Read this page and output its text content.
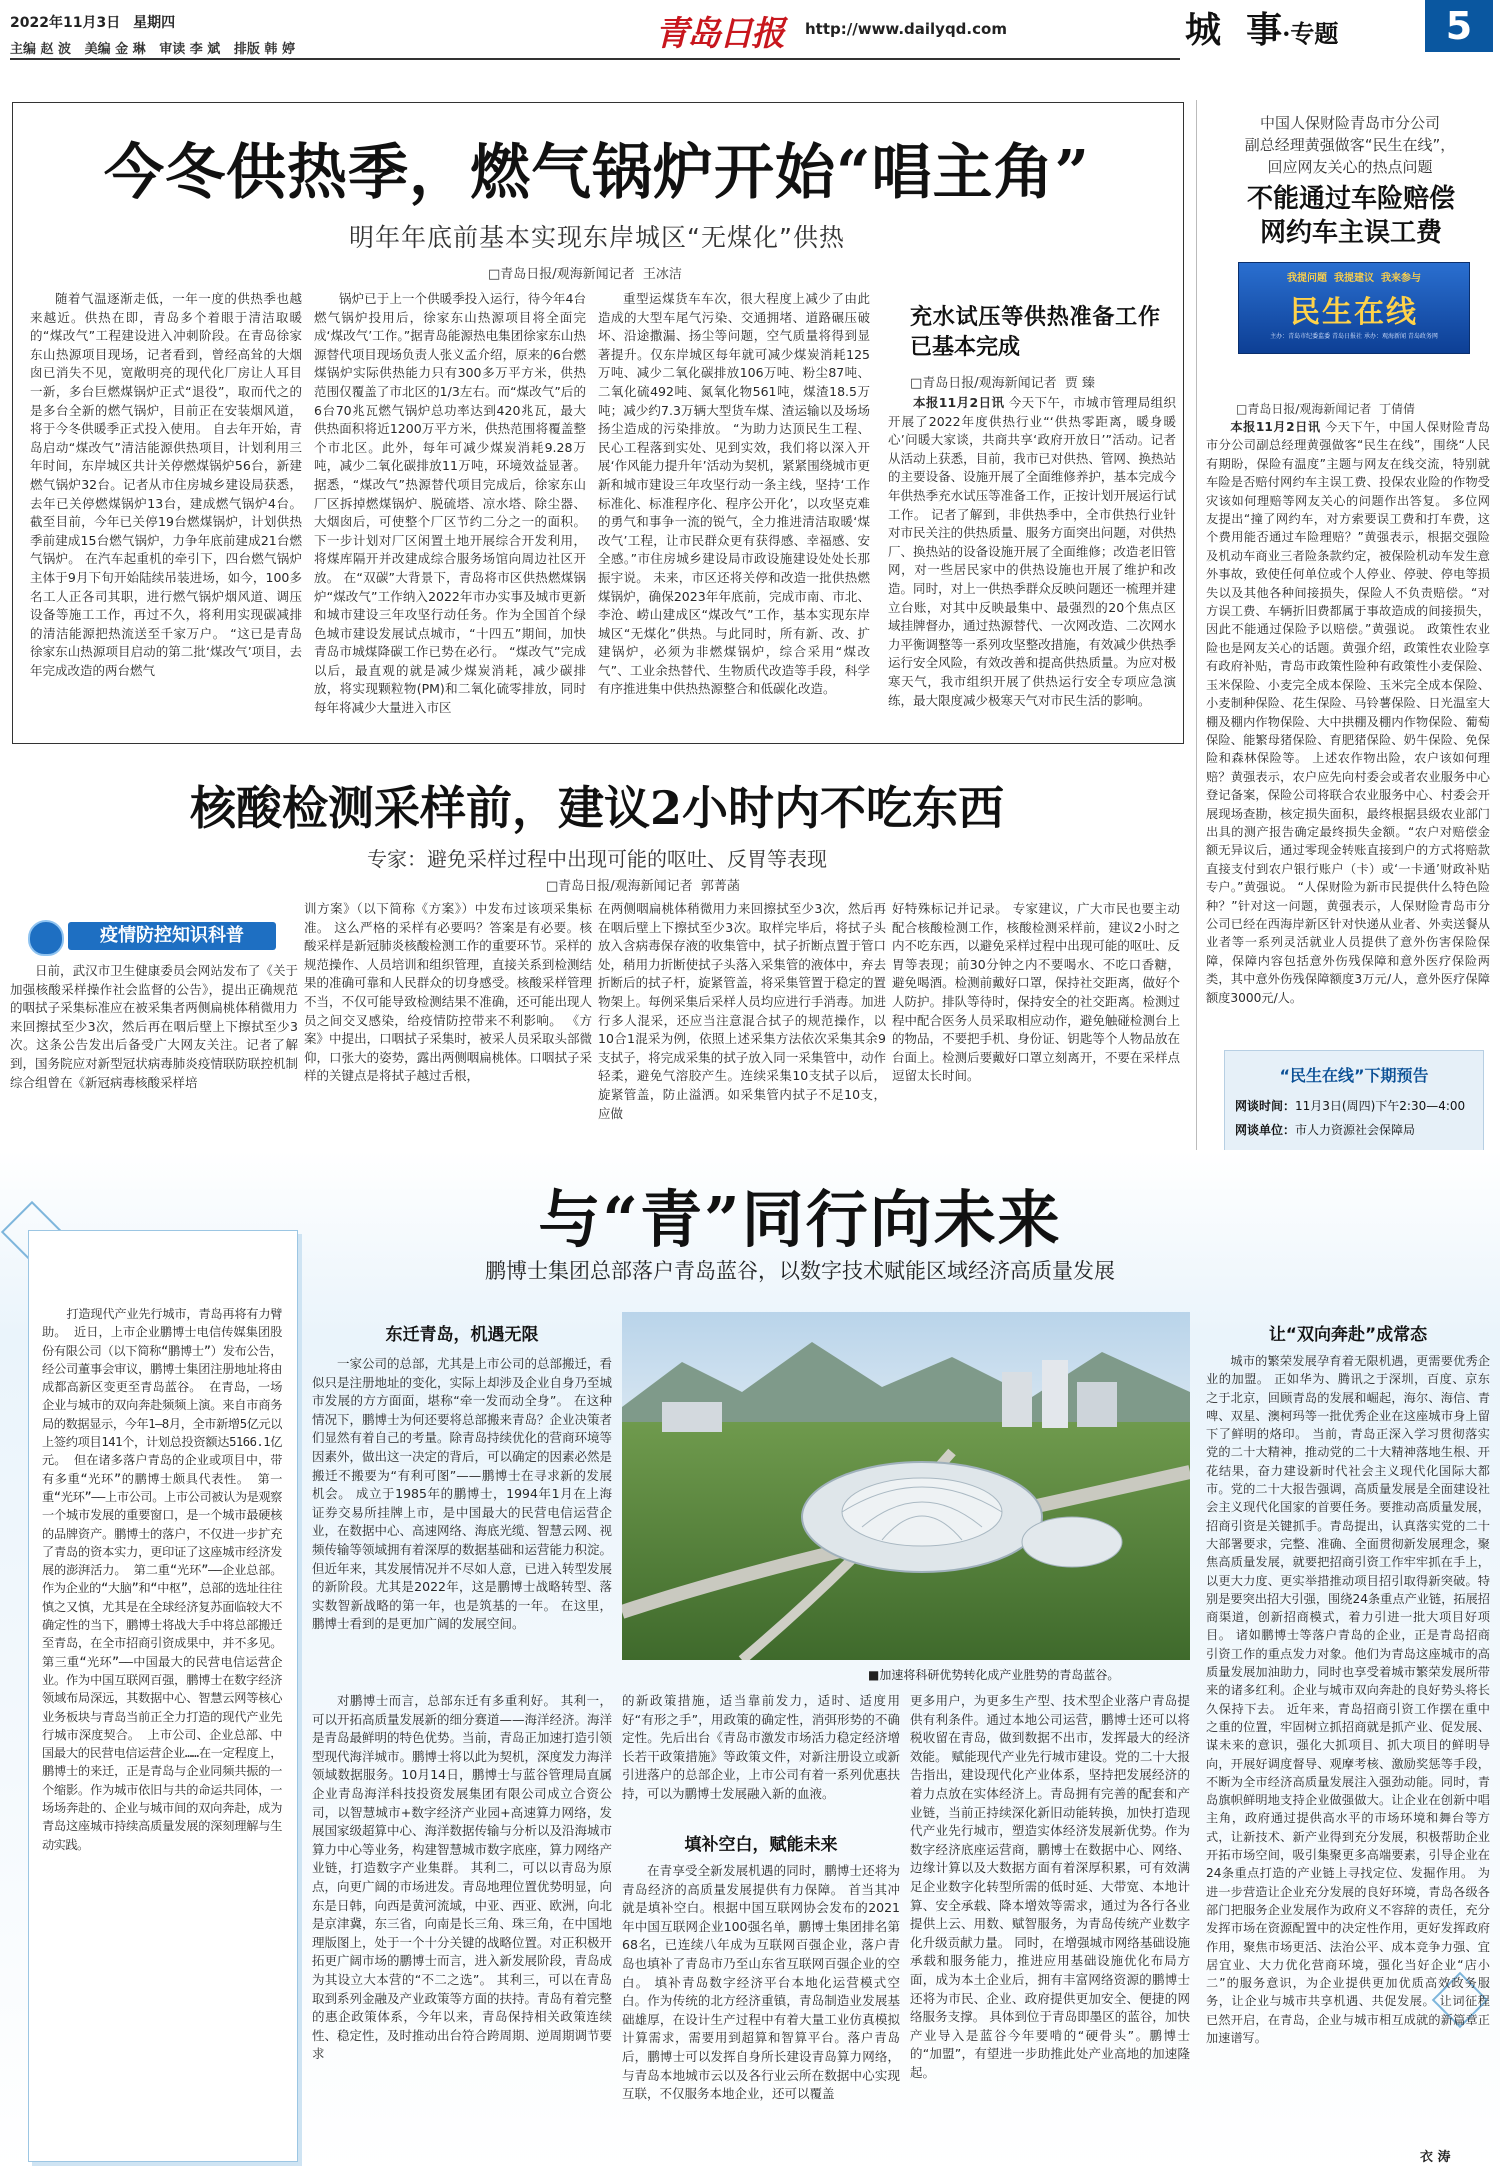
2022年11月3日 星期四
主编 赵 波   美编 金 琳   审读 李 斌   排版 韩 婷	青岛日报 http://www.dailyqd.com	城  事·专题	5
今冬供热季，燃气锅炉开始“唱主角”
明年年底前基本实现东岸城区“无煤化”供热
□青岛日报/观海新闻记者  王冰洁

随着气温逐渐走低，一年一度的供热季也越来越近。供热在即，青岛多个着眼于清洁取暖的“煤改气”工程建设进入冲刺阶段。在青岛徐家东山热源项目现场，记者看到，曾经高耸的大烟囱已消失不见，宽敞明亮的现代化厂房让人耳目一新，多台巨燃煤锅炉正式“退役”，取而代之的是多台全新的燃气锅炉，目前正在安装烟风道，将于今冬供暖季正式投入使用。 自去年开始，青岛启动“煤改气”清洁能源供热项目，计划利用三年时间，东岸城区共计关停燃煤锅炉56台，新建燃气锅炉32台。记者从市住房城乡建设局获悉，去年已关停燃煤锅炉13台，建成燃气锅炉4台。截至目前，今年已关停19台燃煤锅炉，计划供热季前建成15台燃气锅炉，力争年底前建成21台燃气锅炉。 在汽车起重机的牵引下，四台燃气锅炉主体于9月下旬开始陆续吊装进场，如今，100多名工人正各司其职，进行燃气锅炉烟风道、调压设备等施工工作，再过不久，将利用实现碳减排的清洁能源把热流送至千家万户。 “这已是青岛徐家东山热源项目启动的第二批‘煤改气’项目，去年完成改造的两台燃气

锅炉已于上一个供暖季投入运行，待今年4台燃气锅炉投用后，徐家东山热源项目将全面完成‘煤改气’工作。”据青岛能源热电集团徐家东山热源替代项目现场负责人张义孟介绍，原来的6台燃煤锅炉实际供热能力只有300多万平方米，供热范围仅覆盖了市北区的1/3左右。而“煤改气”后的6台70兆瓦燃气锅炉总功率达到420兆瓦，最大供热面积将近1200万平方米，供热范围将覆盖整个市北区。此外，每年可减少煤炭消耗9.28万吨，减少二氧化碳排放11万吨，环境效益显著。 据悉，“煤改气”热源替代项目完成后，徐家东山厂区拆掉燃煤锅炉、脱硫塔、凉水塔、除尘器、大烟囱后，可使整个厂区节约二分之一的面积。下一步计划对厂区闲置土地开展综合开发利用，将煤库隔开并改建成综合服务场馆向周边社区开放。 在“双碳”大背景下，青岛将市区供热燃煤锅炉“煤改气”工作纳入2022年市办实事及城市更新和城市建设三年攻坚行动任务。作为全国首个绿色城市建设发展试点城市，“十四五”期间，加快青岛市城煤降碳工作已势在必行。 “煤改气”完成以后，最直观的就是减少煤炭消耗，减少碳排放，将实现颗粒物(PM)和二氧化硫零排放，同时每年将减少大量进入市区

重型运煤货车车次，很大程度上减少了由此造成的大型车尾气污染、交通拥堵、道路碾压破坏、沿途撒漏、扬尘等问题，空气质量将得到显著提升。仅东岸城区每年就可减少煤炭消耗125万吨、减少二氧化碳排放106万吨、粉尘87吨、二氧化硫492吨、氮氧化物561吨，煤渣18.5万吨；减少约7.3万辆大型货车煤、渣运输以及场场扬尘造成的污染排放。 “为助力达顶民生工程、民心工程落到实处、见到实效，我们将以深入开展‘作风能力提升年’活动为契机，紧紧围绕城市更新和城市建设三年攻坚行动一条主线，坚持‘工作标准化、标准程序化、程序公开化’，以攻坚克难的勇气和事争一流的锐气，全力推进清洁取暖‘煤改气’工程，让市民群众更有获得感、幸福感、安全感。”市住房城乡建设局市政设施建设处处长那振宇说。 未来，市区还将关停和改造一批供热燃煤锅炉，确保2023年年底前，完成市南、市北、李沧、崂山建成区“煤改气”工作，基本实现东岸城区“无煤化”供热。与此同时，所有新、改、扩建锅炉，必须为非燃煤锅炉，综合采用“煤改气”、工业余热替代、生物质代改造等手段，科学有序推进集中供热热源整合和低碳化改造。

充水试压等供热准备工作已基本完成
□青岛日报/观海新闻记者  贾 臻

本报11月2日讯 今天下午，市城市管理局组织开展了2022年度供热行业“‘供热零距离，暖身暖心’问暖大家谈，共商共享‘政府开放日’”活动。记者从活动上获悉，目前，我市已对供热、管网、换热站的主要设备、设施开展了全面维修养护，基本完成今年供热季充水试压等准备工作，正按计划开展运行试工作。 记者了解到，非供热季中，全市供热行业针对市民关注的供热质量、服务方面突出问题，对供热厂、换热站的设备设施开展了全面维修；改造老旧管网，对一些居民家中的供热设施也开展了维护和改造。同时，对上一供热季群众反映问题还一梳理并建立台账，对其中反映最集中、最强烈的20个焦点区域挂牌督办，通过热源替代、一次网改造、二次网水力平衡调整等一系列攻坚整改措施，有效减少供热季运行安全风险，有效改善和提高供热质量。为应对极寒天气，我市组织开展了供热运行安全专项应急演练，最大限度减少极寒天气对市民生活的影响。

核酸检测采样前，建议2小时内不吃东西
专家：避免采样过程中出现可能的呕吐、反胃等表现
□青岛日报/观海新闻记者  郭菁菡
疫情防控知识科普

日前，武汉市卫生健康委员会网站发布了《关于加强核酸采样操作社会监督的公告》，提出正确规范的咽拭子采集标准应在被采集者两侧扁桃体稍微用力来回擦拭至少3次，然后再在咽后壁上下擦拭至少3次。这条公告发出后备受广大网友关注。记者了解到，国务院应对新型冠状病毒肺炎疫情联防联控机制综合组曾在《新冠病毒核酸采样培

训方案》（以下简称《方案》）中发布过该项采集标准。 这么严格的采样有必要吗？答案是有必要。核酸采样是新冠肺炎核酸检测工作的重要环节。采样的规范操作、人员培训和组织管理，直接关系到检测结果的准确可靠和人民群众的切身感受。核酸采样管理不当，不仅可能导致检测结果不准确，还可能出现人员之间交叉感染，给疫情防控带来不利影响。 《方案》中提出，口咽拭子采集时，被采人员采取头部微仰，口张大的姿势，露出两侧咽扁桃体。口咽拭子采样的关键点是将拭子越过舌根，

在两侧咽扁桃体稍微用力来回擦拭至少3次，然后再在咽后壁上下擦拭至少3次。取样完毕后，将拭子头放入含病毒保存液的收集管中，拭子折断点置于管口处，稍用力折断使拭子头落入采集管的液体中，弃去折断后的拭子杆，旋紧管盖，将采集管置于稳定的置物架上。每例采集后采样人员均应进行手消毒。加进行多人混采，还应当注意混合拭子的规范操作，以10合1混采为例，依照上述采集方法依次采集其余9支拭子，将完成采集的拭子放入同一采集管中，动作轻柔，避免气溶胶产生。连续采集10支拭子以后，旋紧管盖，防止溢洒。如采集管内拭子不足10支，应做

好特殊标记并记录。 专家建议，广大市民也要主动配合核酸检测工作，核酸检测采样前，建议2小时之内不吃东西，以避免采样过程中出现可能的呕吐、反胃等表现；前30分钟之内不要喝水、不吃口香糖，避免喝酒。检测前戴好口罩，保持社交距离，做好个人防护。排队等待时，保持安全的社交距离。检测过程中配合医务人员采取相应动作，避免触碰检测台上的物品，不要把手机、身份证、钥匙等个人物品放在台面上。检测后要戴好口罩立刻离开，不要在采样点逗留太长时间。

中国人保财险青岛市分公司
副总经理黄强做客“民生在线”，
回应网友关心的热点问题
不能通过车险赔偿
网约车主误工费
我提问题  我提建议  我来参与
民生在线
主办：青岛市纪委监委 青岛日报社 承办：观海新闻 青岛政务网
□青岛日报/观海新闻记者  丁倩倩

本报11月2日讯 今天下午，中国人保财险青岛市分公司副总经理黄强做客“民生在线”，围绕“人民有期盼，保险有温度”主题与网友在线交流，特别就车险是否赔付网约车主误工费、投保农业险的作物受灾该如何理赔等网友关心的问题作出答复。 多位网友提出“撞了网约车，对方索要误工费和打车费，这个费用能否通过车险理赔？”黄强表示，根据交强险及机动车商业三者险条款约定，被保险机动车发生意外事故，致使任何单位或个人停业、停驶、停电等损失以及其他各种间接损失，保险人不负责赔偿。“对方误工费、车辆折旧费都属于事故造成的间接损失，因此不能通过保险予以赔偿。”黄强说。 政策性农业险也是网友关心的话题。黄强介绍，政策性农业险享有政府补贴，青岛市政策性险种有政策性小麦保险、玉米保险、小麦完全成本保险、玉米完全成本保险、小麦制种保险、花生保险、马铃薯保险、日光温室大棚及棚内作物保险、大中拱棚及棚内作物保险、葡萄保险、能繁母猪保险、育肥猪保险、奶牛保险、免保险和森林保险等。 上述农作物出险，农户该如何理赔？黄强表示，农户应先向村委会或者农业服务中心登记备案，保险公司将联合农业服务中心、村委会开展现场查勘，核定损失面积，最终根据县级农业部门出具的测产报告确定最终损失金额。“农户对赔偿金额无异议后，通过零现金转账直接到户的方式将赔款直接支付到农户银行账户（卡）或‘一卡通’财政补贴专户。”黄强说。 “人保财险为新市民提供什么特色险种？”针对这一问题，黄强表示，人保财险青岛市分公司已经在西海岸新区针对快递从业者、外卖送餐从业者等一系列灵活就业人员提供了意外伤害保险保障，保障内容包括意外伤残保障和意外医疗保险两类，其中意外伤残保障额度3万元/人，意外医疗保障额度3000元/人。

“民生在线”下期预告
网谈时间：11月3日(周四)下午2:30—4:00
网谈单位：市人力资源社会保障局
与“青”同行向未来
鹏博士集团总部落户青岛蓝谷，以数字技术赋能区域经济高质量发展

打造现代产业先行城市，青岛再将有力臂助。 近日，上市企业鹏博士电信传媒集团股份有限公司（以下简称“鹏博士”）发布公告，经公司董事会审议，鹏博士集团注册地址将由成都高新区变更至青岛蓝谷。 在青岛，一场企业与城市的双向奔赴频频上演。来自市商务局的数据显示，今年1—8月，全市新增5亿元以上签约项目141个，计划总投资额达5166.1亿元。 但在诸多落户青岛的企业或项目中，带有多重“光环”的鹏博士颇具代表性。 第一重“光环”——上市公司。上市公司被认为是观察一个城市发展的重要窗口，是一个城市最硬核的品牌资产。鹏博士的落户，不仅进一步扩充了青岛的资本实力，更印证了这座城市经济发展的澎湃活力。 第二重“光环”——企业总部。作为企业的“大脑”和“中枢”，总部的选址往往慎之又慎，尤其是在全球经济复苏面临较大不确定性的当下，鹏博士将战大手中将总部搬迁至青岛，在全市招商引资成果中，并不多见。 第三重“光环”——中国最大的民营电信运营企业。作为中国互联网百强，鹏博士在数字经济领域布局深远，其数据中心、智慧云网等核心业务板块与青岛当前正全力打造的现代产业先行城市深度契合。 上市公司、企业总部、中国最大的民营电信运营企业……在一定程度上，鹏博士的来迁，正是青岛与企业同频共振的一个缩影。作为城市依旧与共的命运共同体，一场场奔赴的、企业与城市间的双向奔赴，成为青岛这座城市持续高质量发展的深刻理解与生动实践。

东迁青岛，机遇无限

一家公司的总部，尤其是上市公司的总部搬迁，看似只是注册地址的变化，实际上却涉及企业自身乃至城市发展的方方面面，堪称“牵一发而动全身”。 在这种情况下，鹏博士为何还要将总部搬来青岛？企业决策者们显然有着自己的考量。除青岛持续优化的营商环境等因素外，做出这一决定的背后，可以确定的因素必然是搬迁不搬要为“有利可图”——鹏博士在寻求新的发展机会。 成立于1985年的鹏博士，1994年1月在上海证券交易所挂牌上市，是中国最大的民营电信运营企业，在数据中心、高速网络、海底光缆、智慧云网、视频传输等领域拥有着深厚的数据基础和运营能力积淀。但近年来，其发展情况并不尽如人意，已进入转型发展的新阶段。尤其是2022年，这是鹏博士战略转型、落实数智新战略的第一年，也是筑基的一年。 在这里，鹏博士看到的是更加广阔的发展空间。

■加速将科研优势转化成产业胜势的青岛蓝谷。

对鹏博士而言，总部东迁有多重利好。 其利一，可以开拓高质量发展新的细分赛道——海洋经济。海洋是青岛最鲜明的特色优势。当前，青岛正加速打造引领型现代海洋城市。鹏博士将以此为契机，深度发力海洋领域数据服务。10月14日，鹏博士与蓝谷管理局直属企业青岛海洋科技投资发展集团有限公司成立合资公司，以智慧城市+数字经济产业园+高速算力网络，发展国家级超算中心、海洋数据传输与分析以及沿海城市算力中心等业务，构建智慧城市数字底座，算力网络产业链，打造数字产业集群。 其利二，可以以青岛为原点，向更广阔的市场进发。青岛地理位置优势明显，向东是日韩，向西是黄河流域，中亚、西亚、欧洲，向北是京津冀，东三省，向南是长三角、珠三角，在中国地理版图上，处于一个十分关键的战略位置。对正积极开拓更广阔市场的鹏博士而言，进入新发展阶段，青岛成为其设立大本营的“不二之选”。 其利三，可以在青岛取到系列金融及产业政策等方面的扶持。青岛有着完整的惠企政策体系，今年以来，青岛保持相关政策连续性、稳定性，及时推动出台符合跨周期、逆周期调节要求

的新政策措施，适当靠前发力，适时、适度用好“有形之手”，用政策的确定性，消弭形势的不确定性。先后出台《青岛市激发市场活力稳定经济增长若干政策措施》等政策文件，对新注册设立或新引进落户的总部企业，上市公司有着一系列优惠扶持，可以为鹏博士发展融入新的血液。

填补空白，赋能未来

在青享受全新发展机遇的同时，鹏博士还将为青岛经济的高质量发展提供有力保障。 首当其冲就是填补空白。根据中国互联网协会发布的2021年中国互联网企业100强名单，鹏博士集团排名第68名，已连续八年成为互联网百强企业，落户青岛也填补了青岛市乃至山东省互联网百强企业的空白。 填补青岛数字经济平台本地化运营模式空白。作为传统的北方经济重镇，青岛制造业发展基础雄厚，在设计生产过程中有着大量工业仿真模拟计算需求，需要用到超算和智算平台。落户青岛后，鹏博士可以发挥自身所长建设青岛算力网络，与青岛本地城市云以及各行业云所在数据中心实现互联，不仅服务本地企业，还可以覆盖

更多用户，为更多生产型、技术型企业落户青岛提供有利条件。通过本地公司运营，鹏博士还可以将税收留在青岛，做到数据不出市，发挥最大的经济效能。 赋能现代产业先行城市建设。党的二十大报告指出，建设现代化产业体系，坚持把发展经济的着力点放在实体经济上。青岛拥有完善的配套和产业链，当前正持续深化新旧动能转换，加快打造现代产业先行城市，塑造实体经济发展新优势。作为数字经济底座运营商，鹏博士在数据中心、网络、边缘计算以及大数据方面有着深厚积累，可有效满足企业数字化转型所需的低时延、大带宽、本地计算、安全承载、降本增效等需求，通过为各行各业提供上云、用数、赋智服务，为青岛传统产业数字化升级贡献力量。 同时，在增强城市网络基础设施承载和服务能力，推进应用基础设施优化布局方面，成为本土企业后，拥有丰富网络资源的鹏博士还将为市民、企业、政府提供更加安全、便捷的网络服务支撑。 具体到位于青岛即墨区的蓝谷，加快产业导入是蓝谷今年要啃的“硬骨头”。鹏博士的“加盟”，有望进一步助推此处产业高地的加速隆起。

让“双向奔赴”成常态

城市的繁荣发展孕育着无限机遇，更需要优秀企业的加盟。 正如华为、腾讯之于深圳，百度、京东之于北京，回顾青岛的发展和崛起，海尔、海信、青啤、双星、澳柯玛等一批优秀企业在这座城市身上留下了鲜明的烙印。 当前，青岛正深入学习贯彻落实党的二十大精神，推动党的二十大精神落地生根、开花结果，奋力建设新时代社会主义现代化国际大都市。党的二十大报告强调，高质量发展是全面建设社会主义现代化国家的首要任务。要推动高质量发展，招商引资是关键抓手。青岛提出，认真落实党的二十大部署要求，完整、准确、全面贯彻新发展理念，聚焦高质量发展，就要把招商引资工作牢牢抓在手上，以更大力度、更实举措推动项目招引取得新突破。特别是要突出招大引强，围绕24条重点产业链，拓展招商渠道，创新招商模式，着力引进一批大项目好项目。 诸如鹏博士等落户青岛的企业，正是青岛招商引资工作的重点发力对象。他们为青岛这座城市的高质量发展加油助力，同时也享受着城市繁荣发展所带来的诸多红利。企业与城市双向奔赴的良好势头将长久保持下去。 近年来，青岛招商引资工作摆在重中之重的位置，牢固树立抓招商就是抓产业、促发展、谋未来的意识，强化大抓项目、抓大项目的鲜明导向，开展好调度督导、观摩考核、激励奖惩等手段，不断为全市经济高质量发展注入强劲动能。同时，青岛旗帜鲜明地支持企业做强做大。让企业在创新中唱主角，政府通过提供高水平的市场环境和舞台等方式，让新技术、新产业得到充分发展，积极帮助企业开拓市场空间，吸引集聚更多高端要素，引导企业在24条重点打造的产业链上寻找定位、发掘作用。 为进一步营造让企业充分发展的良好环境，青岛各级各部门把服务企业发展作为政府义不容辞的责任，充分发挥市场在资源配置中的决定性作用，更好发挥政府作用，聚焦市场更活、法治公平、成本竞争力强、宜居宜业、大力优化营商环境，强化当好企业“店小二”的服务意识，为企业提供更加优质高效政务服务，让企业与城市共享机遇、共促发展。 让词征程已然开启，在青岛，企业与城市相互成就的新篇章正加速谱写。

衣 涛
